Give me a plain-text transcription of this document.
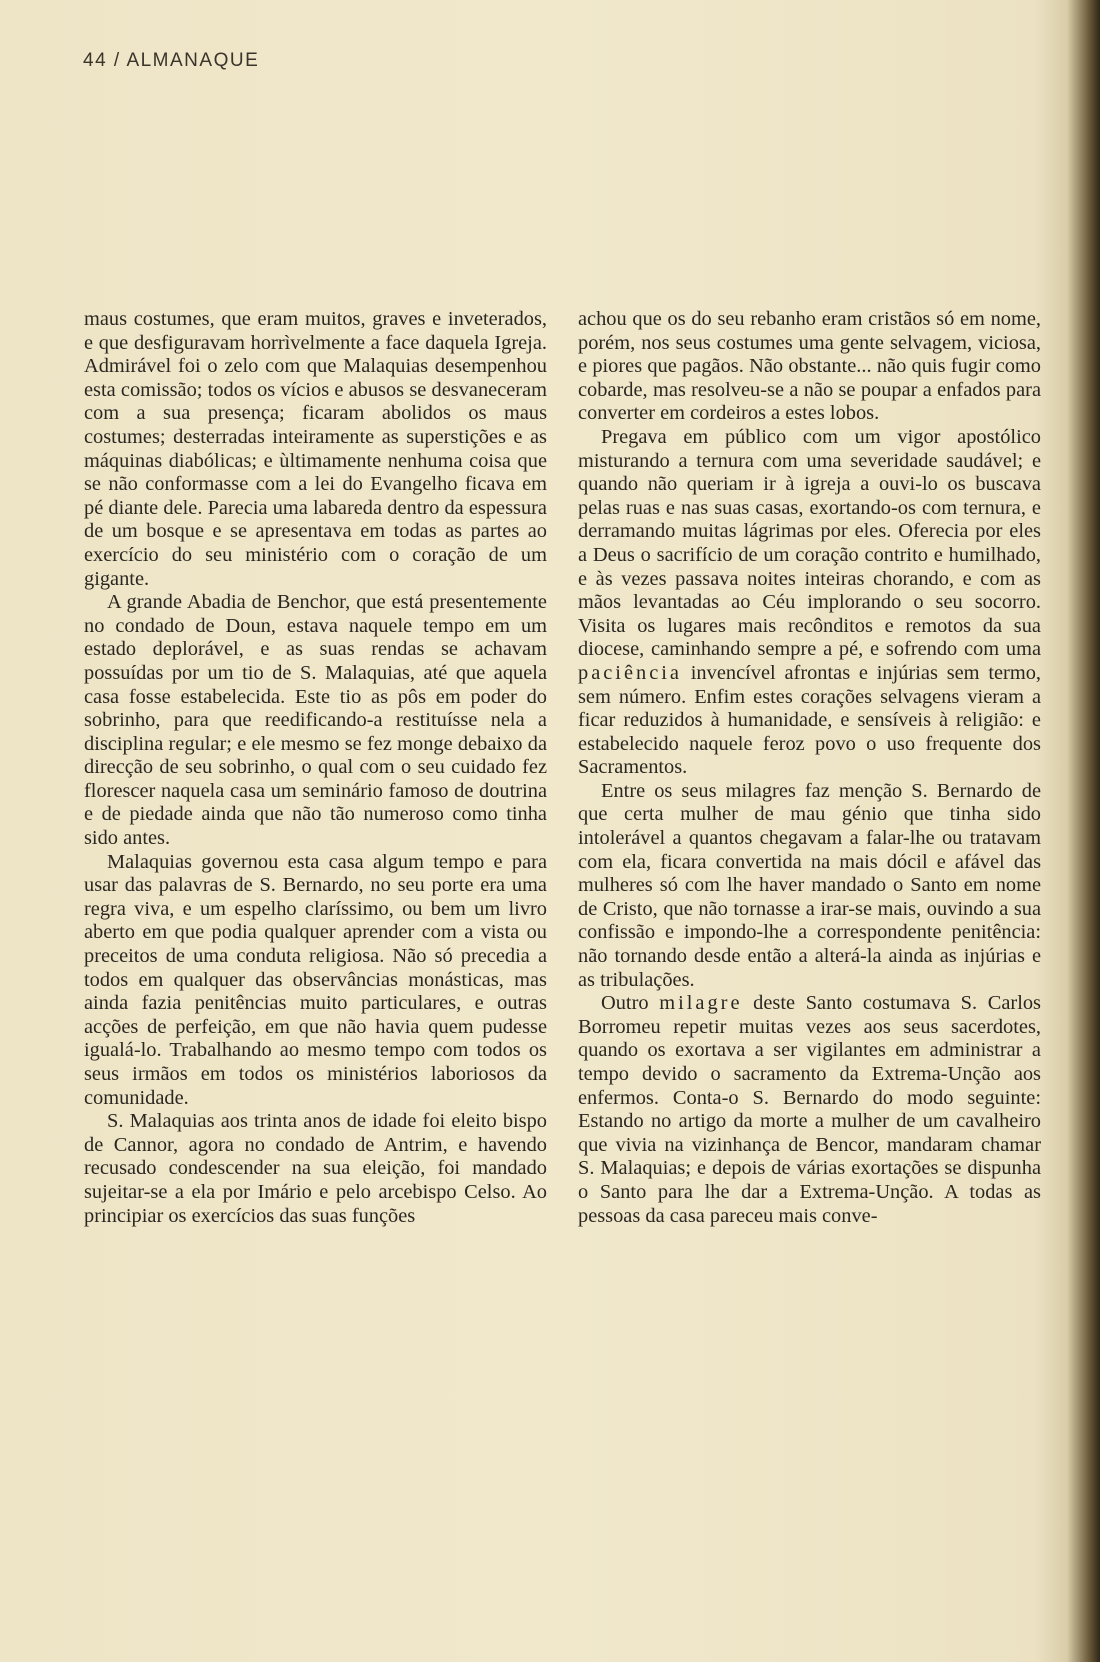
44 / ALMANAQUE

maus costumes, que eram muitos, graves e inveterados, e que desfiguravam horrìvelmente a face daquela Igreja. Admirável foi o zelo com que Malaquias desempenhou esta comissão; todos os vícios e abusos se desvaneceram com a sua presença; ficaram abolidos os maus costumes; desterradas inteiramente as superstições e as máquinas diabólicas; e ùltimamente nenhuma coisa que se não conformasse com a lei do Evangelho ficava em pé diante dele. Parecia uma labareda dentro da espessura de um bosque e se apresentava em todas as partes ao exercício do seu ministério com o coração de um gigante.

A grande Abadia de Benchor, que está presentemente no condado de Doun, estava naquele tempo em um estado deplorável, e as suas rendas se achavam possuídas por um tio de S. Malaquias, até que aquela casa fosse estabelecida. Este tio as pôs em poder do sobrinho, para que reedificando-a restituísse nela a disciplina regular; e ele mesmo se fez monge debaixo da direcção de seu sobrinho, o qual com o seu cuidado fez florescer naquela casa um seminário famoso de doutrina e de piedade ainda que não tão numeroso como tinha sido antes.

Malaquias governou esta casa algum tempo e para usar das palavras de S. Bernardo, no seu porte era uma regra viva, e um espelho claríssimo, ou bem um livro aberto em que podia qualquer aprender com a vista ou preceitos de uma conduta religiosa. Não só precedia a todos em qualquer das observâncias monásticas, mas ainda fazia penitências muito particulares, e outras acções de perfeição, em que não havia quem pudesse igualá-lo. Trabalhando ao mesmo tempo com todos os seus irmãos em todos os ministérios laboriosos da comunidade.

S. Malaquias aos trinta anos de idade foi eleito bispo de Cannor, agora no condado de Antrim, e havendo recusado condescender na sua eleição, foi mandado sujeitar-se a ela por Imário e pelo arcebispo Celso. Ao principiar os exercícios das suas funções

achou que os do seu rebanho eram cristãos só em nome, porém, nos seus costumes uma gente selvagem, viciosa, e piores que pagãos. Não obstante... não quis fugir como cobarde, mas resolveu-se a não se poupar a enfados para converter em cordeiros a estes lobos.

Pregava em público com um vigor apostólico misturando a ternura com uma severidade saudável; e quando não queriam ir à igreja a ouvi-lo os buscava pelas ruas e nas suas casas, exortando-os com ternura, e derramando muitas lágrimas por eles. Oferecia por eles a Deus o sacrifício de um coração contrito e humilhado, e às vezes passava noites inteiras chorando, e com as mãos levantadas ao Céu implorando o seu socorro. Visita os lugares mais recônditos e remotos da sua diocese, caminhando sempre a pé, e sofrendo com uma paciência invencível afrontas e injúrias sem termo, sem número. Enfim estes corações selvagens vieram a ficar reduzidos à humanidade, e sensíveis à religião: e estabelecido naquele feroz povo o uso frequente dos Sacramentos.

Entre os seus milagres faz menção S. Bernardo de que certa mulher de mau génio que tinha sido intolerável a quantos chegavam a falar-lhe ou tratavam com ela, ficara convertida na mais dócil e afável das mulheres só com lhe haver mandado o Santo em nome de Cristo, que não tornasse a irar-se mais, ouvindo a sua confissão e impondo-lhe a correspondente penitência: não tornando desde então a alterá-la ainda as injúrias e as tribulações.

Outro milagre deste Santo costumava S. Carlos Borromeu repetir muitas vezes aos seus sacerdotes, quando os exortava a ser vigilantes em administrar a tempo devido o sacramento da Extrema-Unção aos enfermos. Conta-o S. Bernardo do modo seguinte: Estando no artigo da morte a mulher de um cavalheiro que vivia na vizinhança de Bencor, mandaram chamar S. Malaquias; e depois de várias exortações se dispunha o Santo para lhe dar a Extrema-Unção. A todas as pessoas da casa pareceu mais conve-
